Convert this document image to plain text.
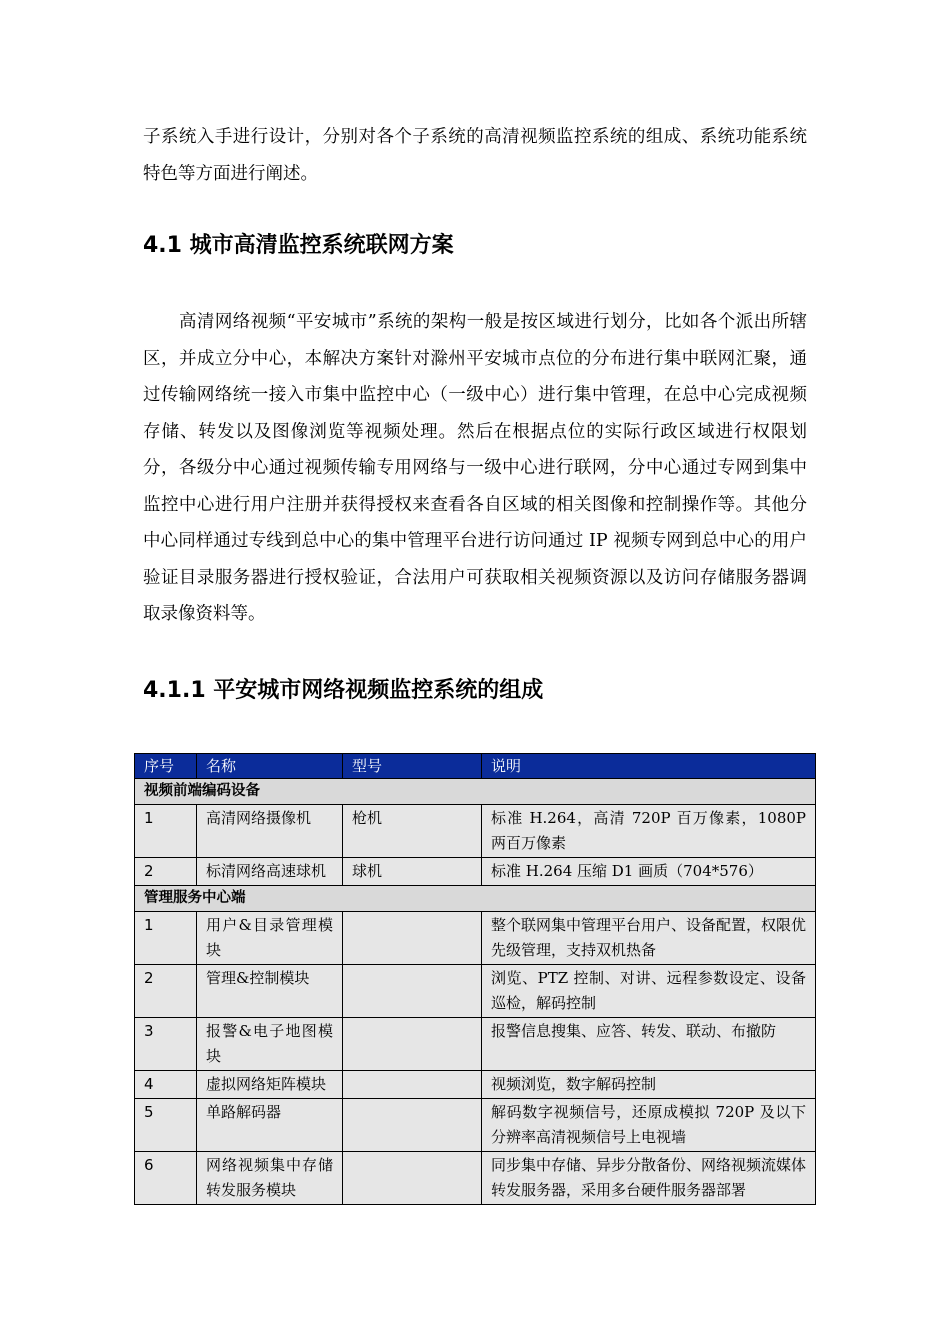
子系统入手进行设计，分别对各个子系统的高清视频监控系统的组成、系统功能系统特色等方面进行阐述。

4.1 城市高清监控系统联网方案

高清网络视频“平安城市”系统的架构一般是按区域进行划分，比如各个派出所辖区，并成立分中心，本解决方案针对滁州平安城市点位的分布进行集中联网汇聚，通过传输网络统一接入市集中监控中心（一级中心）进行集中管理，在总中心完成视频存储、转发以及图像浏览等视频处理。然后在根据点位的实际行政区域进行权限划分，各级分中心通过视频传输专用网络与一级中心进行联网，分中心通过专网到集中监控中心进行用户注册并获得授权来查看各自区域的相关图像和控制操作等。其他分中心同样通过专线到总中心的集中管理平台进行访问通过 IP 视频专网到总中心的用户验证目录服务器进行授权验证，合法用户可获取相关视频资源以及访问存储服务器调取录像资料等。

4.1.1 平安城市网络视频监控系统的组成
序号	名称	型号	说明
视频前端编码设备			
1	高清网络摄像机	枪机	标准 H.264，高清 720P 百万像素，1080P 两百万像素
2	标清网络高速球机	球机	标准 H.264 压缩 D1 画质（704*576）
管理服务中心端			
1	用户&目录管理模块		整个联网集中管理平台用户、设备配置，权限优先级管理，支持双机热备
2	管理&控制模块		浏览、PTZ 控制、对讲、远程参数设定、设备巡检，解码控制
3	报警&电子地图模块		报警信息搜集、应答、转发、联动、布撤防
4	虚拟网络矩阵模块		视频浏览，数字解码控制
5	单路解码器		解码数字视频信号，还原成模拟 720P 及以下分辨率高清视频信号上电视墙
6	网络视频集中存储转发服务模块		同步集中存储、异步分散备份、网络视频流媒体转发服务器，采用多台硬件服务器部署
